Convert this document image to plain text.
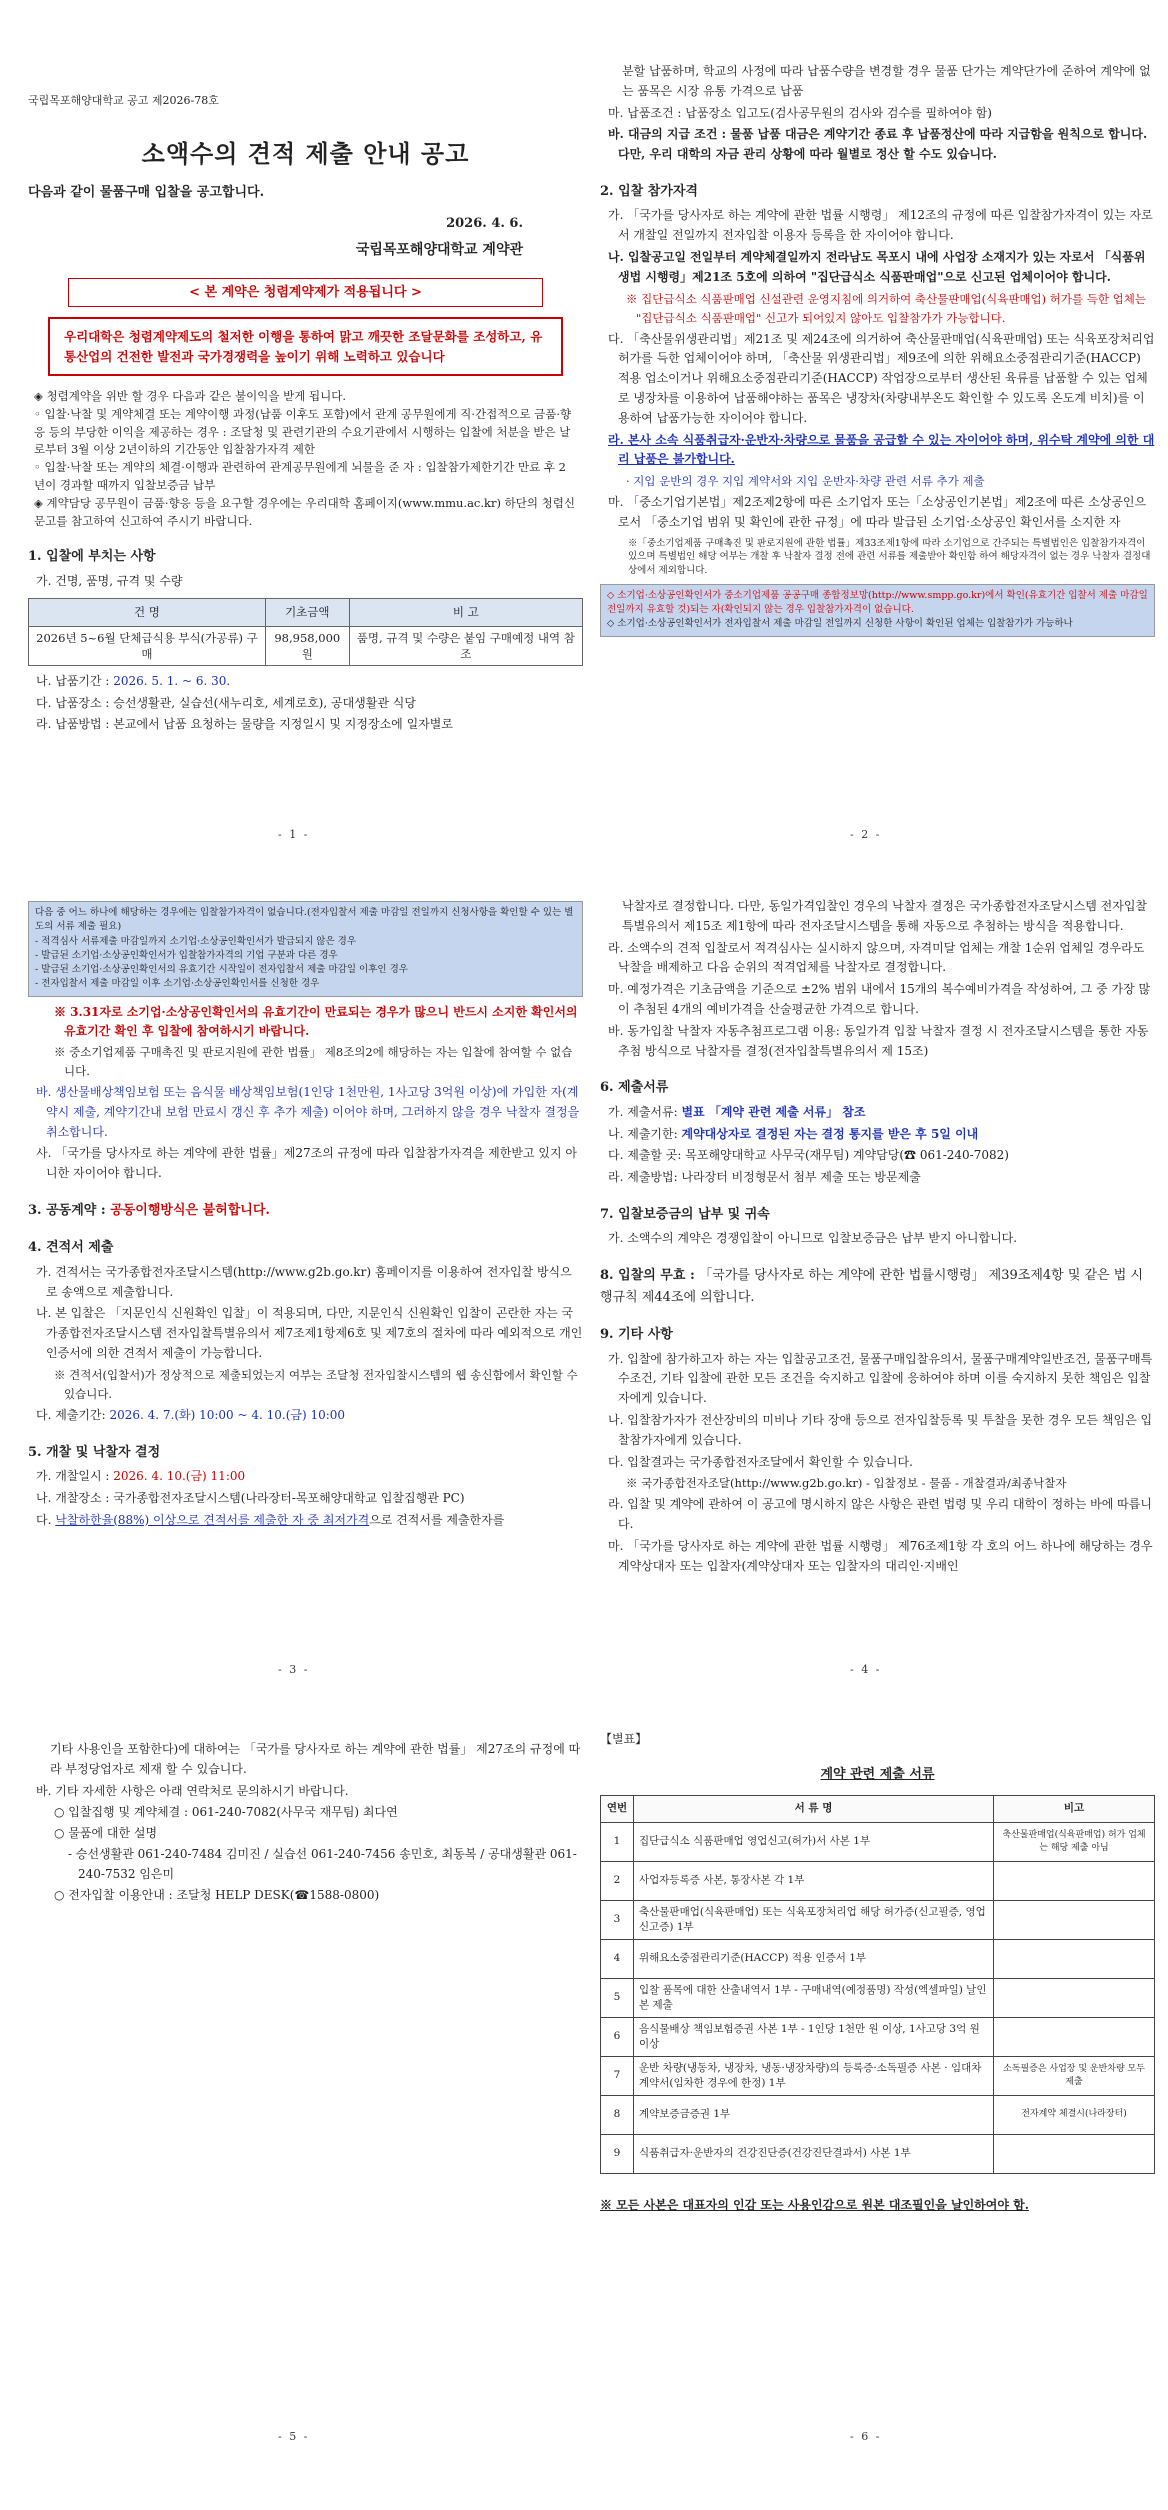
국립목포해양대학교 공고 제2026-78호
소액수의 견적 제출 안내 공고
다음과 같이 물품구매 입찰을 공고합니다.
2026. 4. 6.
국립목포해양대학교 계약관
< 본 계약은 청렴계약제가 적용됩니다 >
우리대학은 청렴계약제도의 철저한 이행을 통하여 맑고 깨끗한 조달문화를 조성하고, 유통산업의 건전한 발전과 국가경쟁력을 높이기 위해 노력하고 있습니다
◈ 청렴계약을 위반 할 경우 다음과 같은 불이익을 받게 됩니다.
◦ 입찰·낙찰 및 계약체결 또는 계약이행 과정(납품 이후도 포함)에서 관계 공무원에게 직·간접적으로 금품·향응 등의 부당한 이익을 제공하는 경우 : 조달청 및 관련기관의 수요기관에서 시행하는 입찰에 처분을 받은 날로부터 3월 이상 2년이하의 기간동안 입찰참가자격 제한
◦ 입찰·낙찰 또는 계약의 체결·이행과 관련하여 관계공무원에게 뇌물을 준 자 : 입찰참가제한기간 만료 후 2년이 경과할 때까지 입찰보증금 납부
◈ 계약담당 공무원이 금품·향응 등을 요구할 경우에는 우리대학 홈페이지(www.mmu.ac.kr) 하단의 청렴신문고를 참고하여 신고하여 주시기 바랍니다.
1. 입찰에 부치는 사항
가. 건명, 품명, 규격 및 수량
건 명	기초금액	비 고
2026년 5~6월 단체급식용 부식(가공류) 구매	98,958,000원	품명, 규격 및 수량은 붙임 구매예정 내역 참조
나. 납품기간 : 2026. 5. 1. ~ 6. 30.
다. 납품장소 : 승선생활관, 실습선(새누리호, 세계로호), 공대생활관 식당
라. 납품방법 : 본교에서 납품 요청하는 물량을 지정일시 및 지정장소에 일자별로
- 1 -
분할 납품하며, 학교의 사정에 따라 납품수량을 변경할 경우 물품 단가는 계약단가에 준하여 계약에 없는 품목은 시장 유통 가격으로 납품
마. 납품조건 : 납품장소 입고도(검사공무원의 검사와 검수를 필하여야 함)
바. 대금의 지급 조건 : 물품 납품 대금은 계약기간 종료 후 납품정산에 따라 지급함을 원칙으로 합니다. 다만, 우리 대학의 자금 관리 상황에 따라 월별로 정산 할 수도 있습니다.
2. 입찰 참가자격
가. 「국가를 당사자로 하는 계약에 관한 법률 시행령」 제12조의 규정에 따른 입찰참가자격이 있는 자로서 개찰일 전일까지 전자입찰 이용자 등록을 한 자이어야 합니다.
나. 입찰공고일 전일부터 계약체결일까지 전라남도 목포시 내에 사업장 소재지가 있는 자로서 「식품위생법 시행령」제21조 5호에 의하여 "집단급식소 식품판매업"으로 신고된 업체이어야 합니다.
※ 집단급식소 식품판매업 신설관련 운영지침에 의거하여 축산물판매업(식육판매업) 허가를 득한 업체는 "집단급식소 식품판매업" 신고가 되어있지 않아도 입찰참가가 가능합니다.
다. 「축산물위생관리법」제21조 및 제24조에 의거하여 축산물판매업(식육판매업) 또는 식육포장처리업 허가를 득한 업체이어야 하며, 「축산물 위생관리법」제9조에 의한 위해요소중점관리기준(HACCP) 적용 업소이거나 위해요소중점관리기준(HACCP) 작업장으로부터 생산된 육류를 납품할 수 있는 업체로 냉장차를 이용하여 납품해야하는 품목은 냉장차(차량내부온도 확인할 수 있도록 온도계 비치)를 이용하여 납품가능한 자이어야 합니다.
라. 본사 소속 식품취급자·운반자·차량으로 물품을 공급할 수 있는 자이어야 하며, 위수탁 계약에 의한 대리 납품은 불가합니다.
· 지입 운반의 경우 지입 계약서와 지입 운반자·차량 관련 서류 추가 제출
마. 「중소기업기본법」제2조제2항에 따른 소기업자 또는「소상공인기본법」제2조에 따른 소상공인으로서 「중소기업 범위 및 확인에 관한 규정」에 따라 발급된 소기업·소상공인 확인서를 소지한 자
※「중소기업제품 구매촉진 및 판로지원에 관한 법률」제33조제1항에 따라 소기업으로 간주되는 특별법인은 입찰참가자격이 있으며 특별법인 해당 여부는 개찰 후 낙찰자 결정 전에 관련 서류를 제출받아 확인함 하여 해당자격이 없는 경우 낙찰자 결정대상에서 제외합니다.
◇ 소기업·소상공인확인서가 중소기업제품 공공구매 종합정보망(http://www.smpp.go.kr)에서 확인(유효기간 입찰서 제출 마감일 전일까지 유효할 것)되는 자(확인되지 않는 경우 입찰참가자격이 없습니다.
◇ 소기업·소상공인확인서가 전자입찰서 제출 마감일 전일까지 신청한 사항이 확인된 업체는 입찰참가가 가능하나
- 2 -
다음 중 어느 하나에 해당하는 경우에는 입찰참가자격이 없습니다.(전자입찰서 제출 마감일 전일까지 신청사항을 확인할 수 있는 별도의 서류 제출 필요)
- 적격심사 서류제출 마감일까지 소기업·소상공인확인서가 발급되지 않은 경우
- 발급된 소기업·소상공인확인서가 입찰참가자격의 기업 구분과 다른 경우
- 발급된 소기업·소상공인확인서의 유효기간 시작일이 전자입찰서 제출 마감일 이후인 경우
- 전자입찰서 제출 마감일 이후 소기업·소상공인확인서를 신청한 경우
※ 3.31자로 소기업·소상공인확인서의 유효기간이 만료되는 경우가 많으니 반드시 소지한 확인서의 유효기간 확인 후 입찰에 참여하시기 바랍니다.
※ 중소기업제품 구매촉진 및 판로지원에 관한 법률」 제8조의2에 해당하는 자는 입찰에 참여할 수 없습니다.
바. 생산물배상책임보험 또는 음식물 배상책임보험(1인당 1천만원, 1사고당 3억원 이상)에 가입한 자(계약시 제출, 계약기간내 보험 만료시 갱신 후 추가 제출) 이어야 하며, 그러하지 않을 경우 낙찰자 결정을 취소합니다.
사. 「국가를 당사자로 하는 계약에 관한 법률」제27조의 규정에 따라 입찰참가자격을 제한받고 있지 아니한 자이어야 합니다.
3. 공동계약 : 공동이행방식은 불허합니다.
4. 견적서 제출
가. 견적서는 국가종합전자조달시스템(http://www.g2b.go.kr) 홈페이지를 이용하여 전자입찰 방식으로 송액으로 제출합니다.
나. 본 입찰은 「지문인식 신원확인 입찰」이 적용되며, 다만, 지문인식 신원확인 입찰이 곤란한 자는 국가종합전자조달시스템 전자입찰특별유의서 제7조제1항제6호 및 제7호의 절차에 따라 예외적으로 개인인증서에 의한 견적서 제출이 가능합니다.
※ 견적서(입찰서)가 정상적으로 제출되었는지 여부는 조달청 전자입찰시스템의 웹 송신함에서 확인할 수 있습니다.
다. 제출기간: 2026. 4. 7.(화) 10:00 ~ 4. 10.(금) 10:00
5. 개찰 및 낙찰자 결정
가. 개찰일시 : 2026. 4. 10.(금) 11:00
나. 개찰장소 : 국가종합전자조달시스템(나라장터-목포해양대학교 입찰집행관 PC)
다. 낙찰하한율(88%) 이상으로 견적서를 제출한 자 중 최저가격으로 견적서를 제출한자를
- 3 -
낙찰자로 결정합니다. 다만, 동일가격입찰인 경우의 낙찰자 결정은 국가종합전자조달시스템 전자입찰특별유의서 제15조 제1항에 따라 전자조달시스템을 통해 자동으로 추첨하는 방식을 적용합니다.
라. 소액수의 견적 입찰로서 적격심사는 실시하지 않으며, 자격미달 업체는 개찰 1순위 업체일 경우라도 낙찰을 배제하고 다음 순위의 적격업체를 낙찰자로 결정합니다.
마. 예정가격은 기초금액을 기준으로 ±2% 범위 내에서 15개의 복수예비가격을 작성하여, 그 중 가장 많이 추첨된 4개의 예비가격을 산술평균한 가격으로 합니다.
바. 동가입찰 낙찰자 자동추첨프로그램 이용: 동일가격 입찰 낙찰자 결정 시 전자조달시스템을 통한 자동 추첨 방식으로 낙찰자를 결정(전자입찰특별유의서 제 15조)
6. 제출서류
가. 제출서류: 별표 「계약 관련 제출 서류」 참조
나. 제출기한: 계약대상자로 결정된 자는 결정 통지를 받은 후 5일 이내
다. 제출할 곳: 목포해양대학교 사무국(재무팀) 계약담당(☎ 061-240-7082)
라. 제출방법: 나라장터 비정형문서 첨부 제출 또는 방문제출
7. 입찰보증금의 납부 및 귀속
가. 소액수의 계약은 경쟁입찰이 아니므로 입찰보증금은 납부 받지 아니합니다.
8. 입찰의 무효 : 「국가를 당사자로 하는 계약에 관한 법률시행령」 제39조제4항 및 같은 법 시행규칙 제44조에 의합니다.
9. 기타 사항
가. 입찰에 참가하고자 하는 자는 입찰공고조건, 물품구매입찰유의서, 물품구매계약일반조건, 물품구매특수조건, 기타 입찰에 관한 모든 조건을 숙지하고 입찰에 응하여야 하며 이를 숙지하지 못한 책임은 입찰자에게 있습니다.
나. 입찰참가자가 전산장비의 미비나 기타 장애 등으로 전자입찰등록 및 투찰을 못한 경우 모든 책임은 입찰참가자에게 있습니다.
다. 입찰결과는 국가종합전자조달에서 확인할 수 있습니다.
※ 국가종합전자조달(http://www.g2b.go.kr) - 입찰정보 - 물품 - 개찰결과/최종낙찰자
라. 입찰 및 계약에 관하여 이 공고에 명시하지 않은 사항은 관련 법령 및 우리 대학이 정하는 바에 따릅니다.
마. 「국가를 당사자로 하는 계약에 관한 법률 시행령」 제76조제1항 각 호의 어느 하나에 해당하는 경우 계약상대자 또는 입찰자(계약상대자 또는 입찰자의 대리인·지배인
- 4 -
기타 사용인을 포함한다)에 대하여는 「국가를 당사자로 하는 계약에 관한 법률」 제27조의 규정에 따라 부정당업자로 제재 할 수 있습니다.
바. 기타 자세한 사항은 아래 연락처로 문의하시기 바랍니다.
○ 입찰집행 및 계약체결 : 061-240-7082(사무국 재무팀) 최다연
○ 물품에 대한 설명
- 승선생활관 061-240-7484 김미진 / 실습선 061-240-7456 송민호, 최동복 / 공대생활관 061-240-7532 임은미
○ 전자입찰 이용안내 : 조달청 HELP DESK(☎1588-0800)
- 5 -
【별표】
계약 관련 제출 서류
연번	서 류 명	비고
1	집단급식소 식품판매업 영업신고(허가)서 사본 1부	축산물판매업(식육판매업) 허가 업체는 해당 제출 아님
2	사업자등록증 사본, 통장사본 각 1부	
3	축산물판매업(식육판매업) 또는 식육포장처리업 해당 허가증(신고필증, 영업신고증) 1부	
4	위해요소중점관리기준(HACCP) 적용 인증서 1부	
5	입찰 품목에 대한 산출내역서 1부 - 구매내역(예정품명) 작성(엑셀파일) 날인본 제출	
6	음식물배상 책임보험증권 사본 1부 - 1인당 1천만 원 이상, 1사고당 3억 원 이상	
7	운반 차량(냉동차, 냉장차, 냉동·냉장차량)의 등록증·소독필증 사본 · 임대차계약서(임차한 경우에 한정) 1부	소독필증은 사업장 및 운반차량 모두 제출
8	계약보증금증권 1부	전자계약 체결시(나라장터)
9	식품취급자·운반자의 건강진단증(건강진단결과서) 사본 1부	
※ 모든 사본은 대표자의 인감 또는 사용인감으로 원본 대조필인을 날인하여야 함.
- 6 -
